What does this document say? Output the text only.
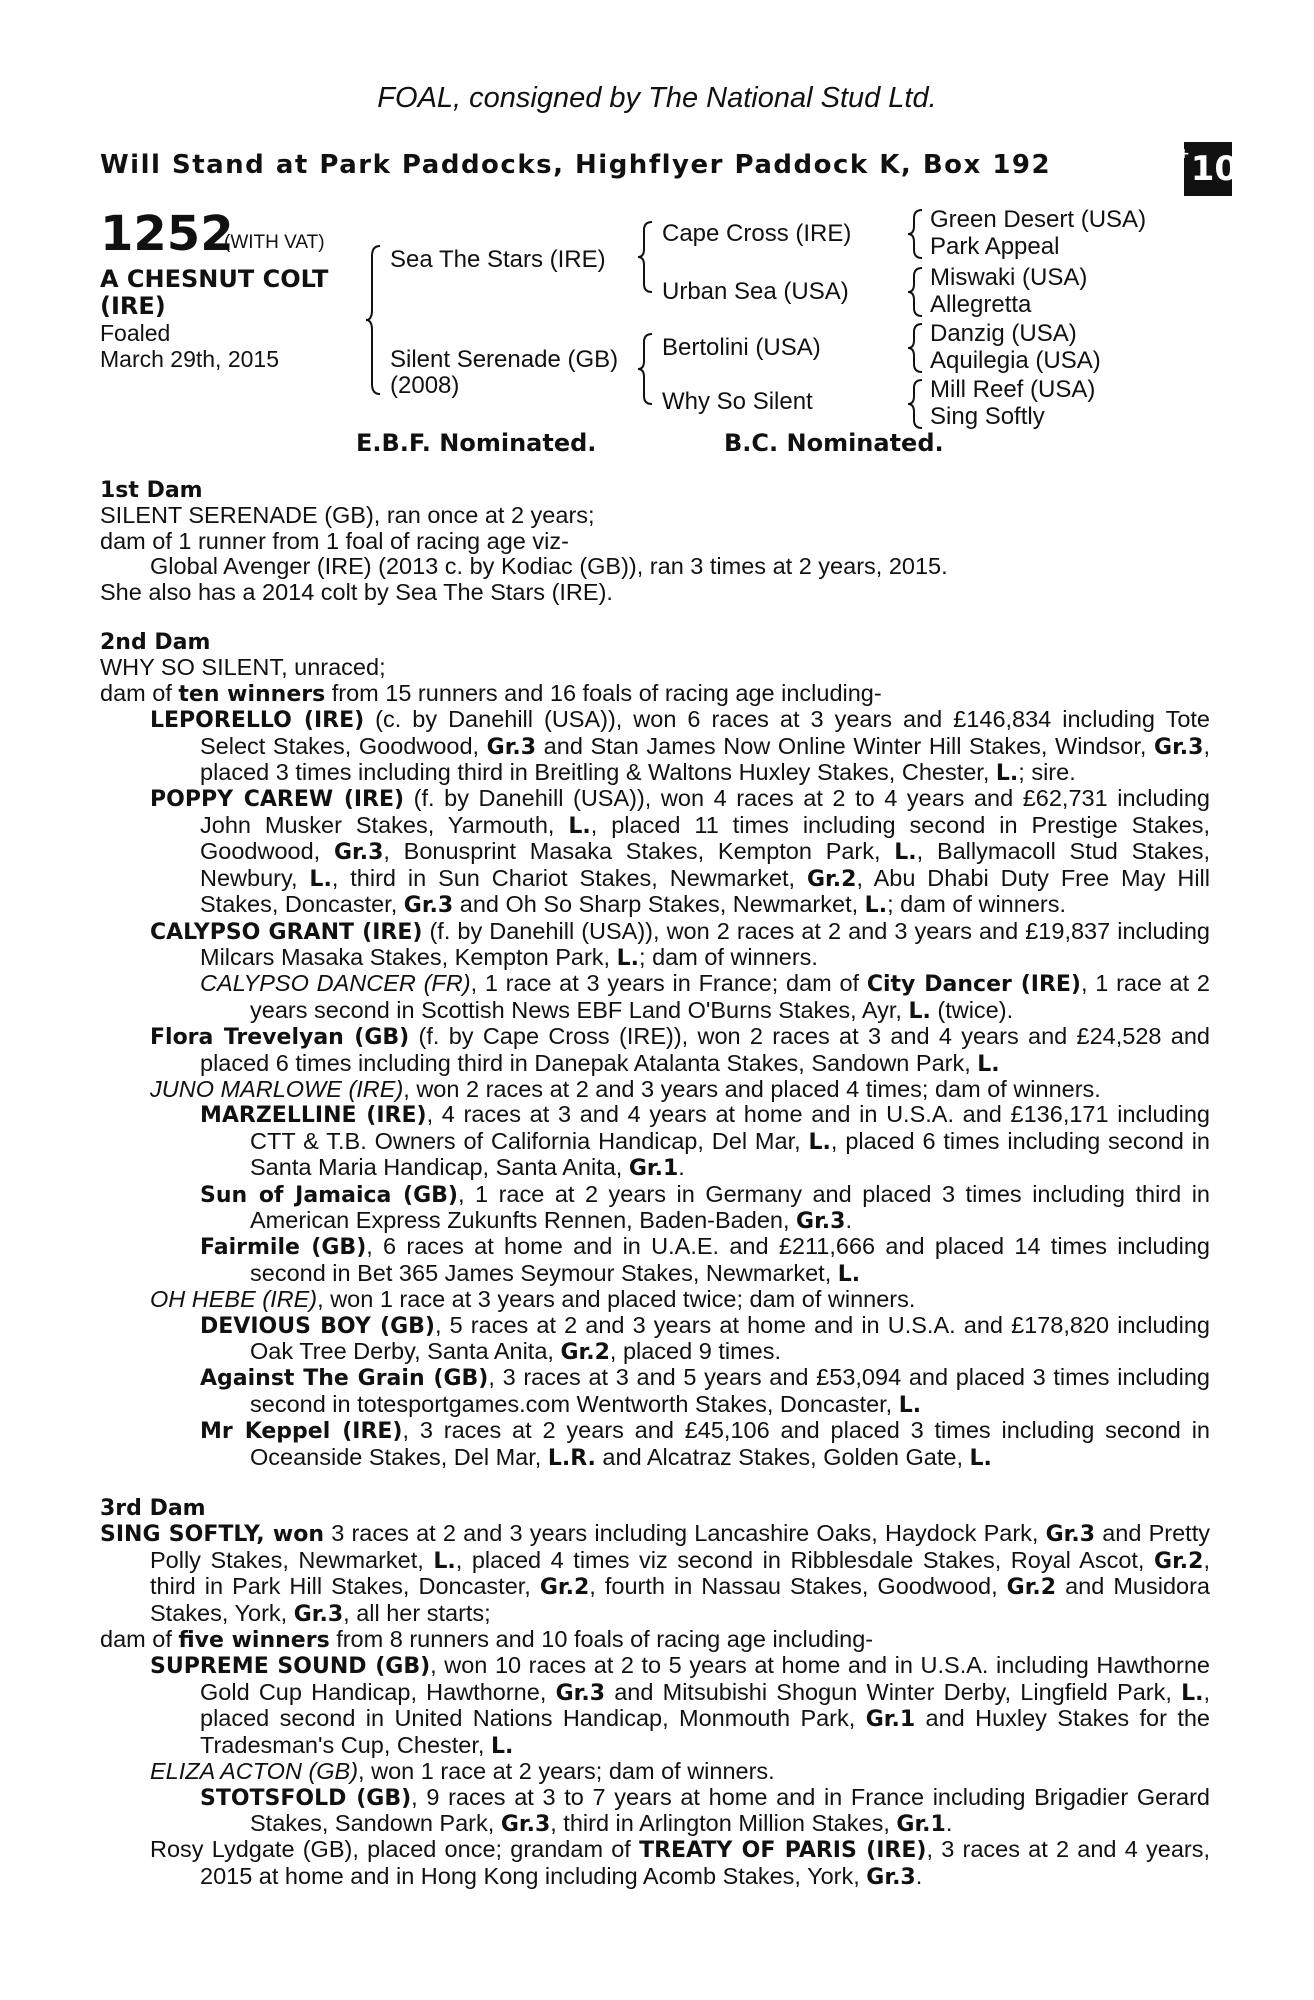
FOAL, consigned by The National Stud Ltd.
Will Stand at Park Paddocks, Highflyer Paddock K, Box 192	+ 10
1252
(WITH VAT)
A CHESNUT COLT
(IRE)
Foaled
March 29th, 2015
Sea The Stars (IRE)
Silent Serenade (GB)
(2008)
Cape Cross (IRE)
Urban Sea (USA)
Bertolini (USA)
Why So Silent
Green Desert (USA)
Park Appeal
Miswaki (USA)
Allegretta
Danzig (USA)
Aquilegia (USA)
Mill Reef (USA)
Sing Softly
E.B.F. Nominated.	B.C. Nominated.

1st Dam

SILENT SERENADE (GB), ran once at 2 years;

dam of 1 runner from 1 foal of racing age viz-

Global Avenger (IRE) (2013 c. by Kodiac (GB)), ran 3 times at 2 years, 2015.

She also has a 2014 colt by Sea The Stars (IRE).

2nd Dam

WHY SO SILENT, unraced;

dam of ten winners from 15 runners and 16 foals of racing age including-

LEPORELLO (IRE) (c. by Danehill (USA)), won 6 races at 3 years and £146,834 including Tote Select Stakes, Goodwood, Gr.3 and Stan James Now Online Winter Hill Stakes, Windsor, Gr.3, placed 3 times including third in Breitling & Waltons Huxley Stakes, Chester, L.; sire.

POPPY CAREW (IRE) (f. by Danehill (USA)), won 4 races at 2 to 4 years and £62,731 including John Musker Stakes, Yarmouth, L., placed 11 times including second in Prestige Stakes, Goodwood, Gr.3, Bonusprint Masaka Stakes, Kempton Park, L., Ballymacoll Stud Stakes, Newbury, L., third in Sun Chariot Stakes, Newmarket, Gr.2, Abu Dhabi Duty Free May Hill Stakes, Doncaster, Gr.3 and Oh So Sharp Stakes, Newmarket, L.; dam of winners.

CALYPSO GRANT (IRE) (f. by Danehill (USA)), won 2 races at 2 and 3 years and £19,837 including Milcars Masaka Stakes, Kempton Park, L.; dam of winners.

CALYPSO DANCER (FR), 1 race at 3 years in France; dam of City Dancer (IRE), 1 race at 2 years second in Scottish News EBF Land O'Burns Stakes, Ayr, L. (twice).

Flora Trevelyan (GB) (f. by Cape Cross (IRE)), won 2 races at 3 and 4 years and £24,528 and placed 6 times including third in Danepak Atalanta Stakes, Sandown Park, L.

JUNO MARLOWE (IRE), won 2 races at 2 and 3 years and placed 4 times; dam of winners.

MARZELLINE (IRE), 4 races at 3 and 4 years at home and in U.S.A. and £136,171 including CTT & T.B. Owners of California Handicap, Del Mar, L., placed 6 times including second in Santa Maria Handicap, Santa Anita, Gr.1.

Sun of Jamaica (GB), 1 race at 2 years in Germany and placed 3 times including third in American Express Zukunfts Rennen, Baden-Baden, Gr.3.

Fairmile (GB), 6 races at home and in U.A.E. and £211,666 and placed 14 times including second in Bet 365 James Seymour Stakes, Newmarket, L.

OH HEBE (IRE), won 1 race at 3 years and placed twice; dam of winners.

DEVIOUS BOY (GB), 5 races at 2 and 3 years at home and in U.S.A. and £178,820 including Oak Tree Derby, Santa Anita, Gr.2, placed 9 times.

Against The Grain (GB), 3 races at 3 and 5 years and £53,094 and placed 3 times including second in totesportgames.com Wentworth Stakes, Doncaster, L.

Mr Keppel (IRE), 3 races at 2 years and £45,106 and placed 3 times including second in Oceanside Stakes, Del Mar, L.R. and Alcatraz Stakes, Golden Gate, L.

3rd Dam

SING SOFTLY, won 3 races at 2 and 3 years including Lancashire Oaks, Haydock Park, Gr.3 and Pretty Polly Stakes, Newmarket, L., placed 4 times viz second in Ribblesdale Stakes, Royal Ascot, Gr.2, third in Park Hill Stakes, Doncaster, Gr.2, fourth in Nassau Stakes, Goodwood, Gr.2 and Musidora Stakes, York, Gr.3, all her starts;

dam of five winners from 8 runners and 10 foals of racing age including-

SUPREME SOUND (GB), won 10 races at 2 to 5 years at home and in U.S.A. including Hawthorne Gold Cup Handicap, Hawthorne, Gr.3 and Mitsubishi Shogun Winter Derby, Lingfield Park, L., placed second in United Nations Handicap, Monmouth Park, Gr.1 and Huxley Stakes for the Tradesman's Cup, Chester, L.

ELIZA ACTON (GB), won 1 race at 2 years; dam of winners.

STOTSFOLD (GB), 9 races at 3 to 7 years at home and in France including Brigadier Gerard Stakes, Sandown Park, Gr.3, third in Arlington Million Stakes, Gr.1.

Rosy Lydgate (GB), placed once; grandam of TREATY OF PARIS (IRE), 3 races at 2 and 4 years, 2015 at home and in Hong Kong including Acomb Stakes, York, Gr.3.
